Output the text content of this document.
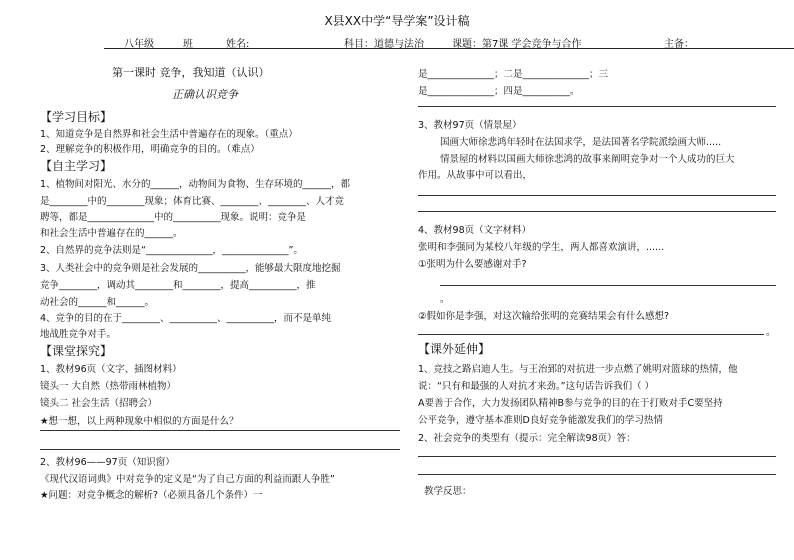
X县XX中学“导学案”设计稿
八年级	班	姓名:	科目：道德与法治	课题：第7课 学会竞争与合作	主备：
第一课时 竞争，我知道（认识）
正确认识竞争
【学习目标】
1、知道竞争是自然界和社会生活中普遍存在的现象。（重点）
2、理解竞争的积极作用，明确竞争的目的。（难点）
【自主学习】
1、植物间对阳光、水分的______，动物间为食物、生存环境的______，都
是________中的________现象；体育比赛、________、________、人才竞
聘等，都是______________中的__________现象。说明：竞争是
和社会生活中普遍存在的______。
2、自然界的竞争法则是“______________，______________”。
3、人类社会中的竞争则是社会发展的__________，能够最大限度地挖掘
竞争________，调动其________和________，提高__________，推
动社会的______和______。
4、竞争的目的在于________、__________、__________，而不是单纯
地战胜竞争对手。
【课堂探究】
1、教材96页（文字、插图材料）
镜头一 大自然（热带雨林植物）
镜头二 社会生活（招聘会）
★想一想，以上两种现象中相似的方面是什么？
2、教材96——97页（知识窗）
《现代汉语词典》中对竞争的定义是“为了自己方面的利益而跟人争胜”
★问题：对竞争概念的解析?（必须具备几个条件）一
是______________；二是______________；三
是______________；四是__________。
3、教材97页（情景屋）
国画大师徐悲鸿年轻时在法国求学，是法国著名学院派绘画大师.....
情景屋的材料以国画大师徐悲鸿的故事来阐明竞争对一个人成功的巨大
作用。从故事中可以看出，
4、教材98页（文字材料）
张明和李强同为某校八年级的学生，两人都喜欢演讲，......
①张明为什么要感谢对手?
。
②假如你是李强，对这次输给张明的竞赛结果会有什么感想?
。
【课外延伸】
1、竞技之路启迪人生。与王治郅的对抗进一步点燃了姚明对篮球的热情，他
说：“只有和最强的人对抗才来劲。”这句话告诉我们（ ）
A要善于合作，大力发扬团队精神B参与竞争的目的在于打败对手C要坚持
公平竞争，遵守基本准则D良好竞争能激发我们的学习热情
2、社会竞争的类型有（提示：完全解读98页）答：
教学反思：
